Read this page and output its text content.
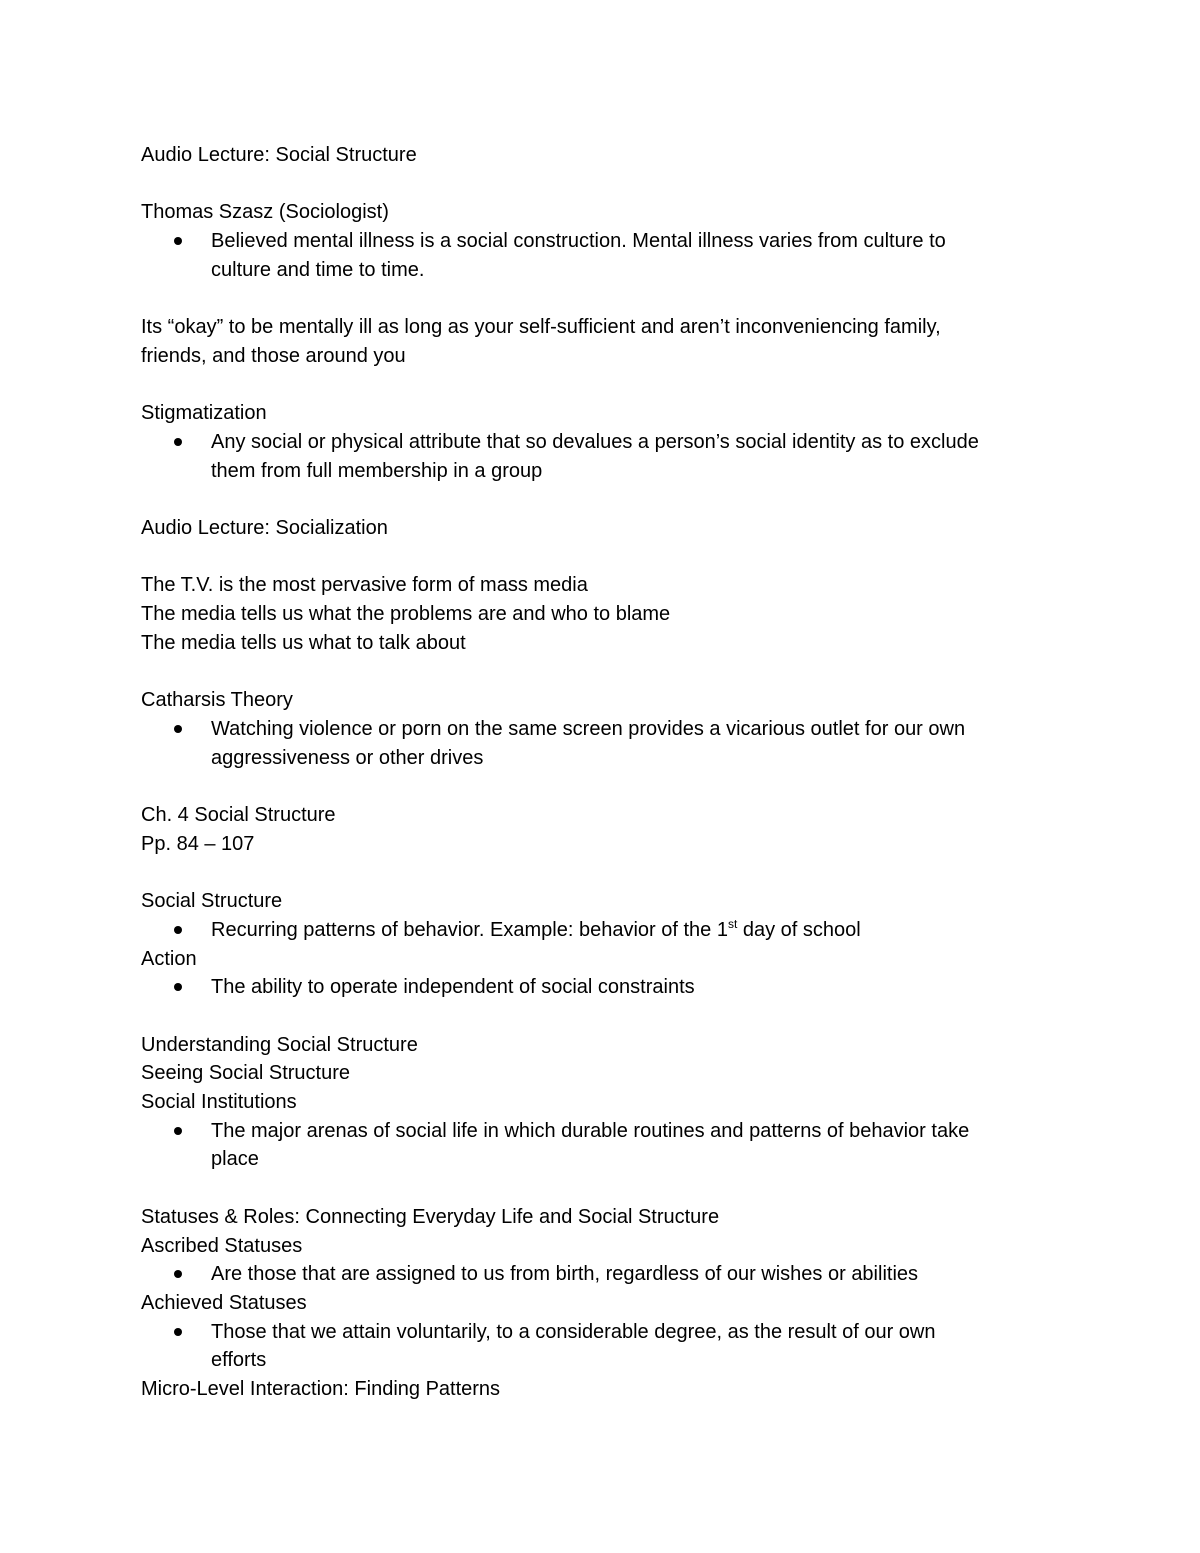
Audio Lecture: Social Structure

Thomas Szasz (Sociologist)

Believed mental illness is a social construction. Mental illness varies from culture to
culture and time to time.

Its “okay” to be mentally ill as long as your self-sufficient and aren’t inconveniencing family,

friends, and those around you

Stigmatization

Any social or physical attribute that so devalues a person’s social identity as to exclude
them from full membership in a group

Audio Lecture: Socialization

The T.V. is the most pervasive form of mass media

The media tells us what the problems are and who to blame

The media tells us what to talk about

Catharsis Theory

Watching violence or porn on the same screen provides a vicarious outlet for our own
aggressiveness or other drives

Ch. 4 Social Structure

Pp. 84 – 107

Social Structure

Recurring patterns of behavior. Example: behavior of the 1st day of school

Action

The ability to operate independent of social constraints

Understanding Social Structure

Seeing Social Structure

Social Institutions

The major arenas of social life in which durable routines and patterns of behavior take
place

Statuses & Roles: Connecting Everyday Life and Social Structure

Ascribed Statuses

Are those that are assigned to us from birth, regardless of our wishes or abilities

Achieved Statuses

Those that we attain voluntarily, to a considerable degree, as the result of our own
efforts

Micro-Level Interaction: Finding Patterns
